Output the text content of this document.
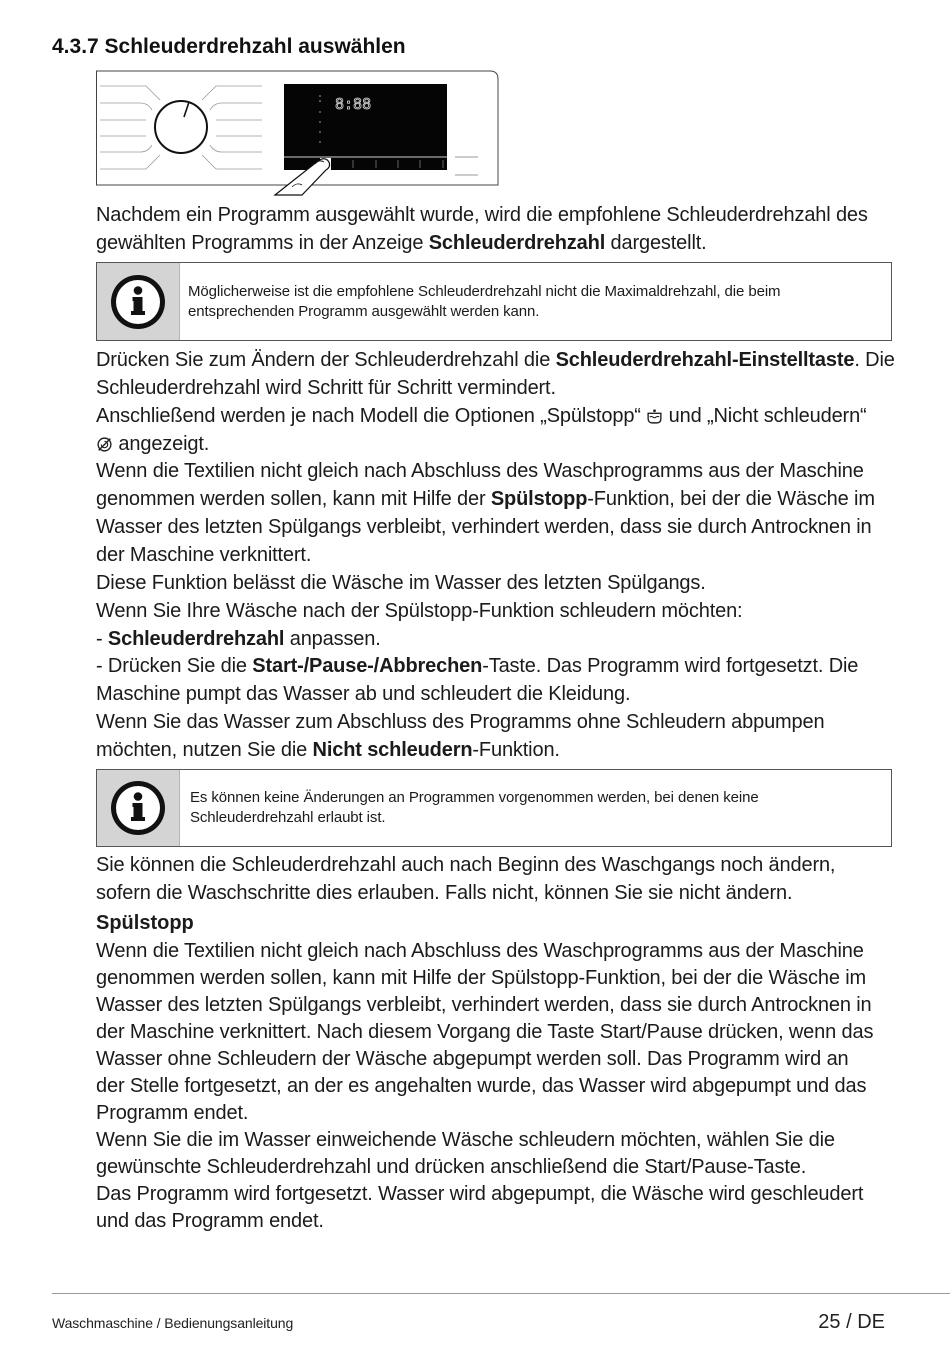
4.3.7 Schleuderdrehzahl auswählen
8:88
Nachdem ein Programm ausgewählt wurde, wird die empfohlene Schleuderdrehzahl des
gewählten Programms in der Anzeige Schleuderdrehzahl dargestellt.
Möglicherweise ist die empfohlene Schleuderdrehzahl nicht die Maximaldrehzahl, die beim
entsprechenden Programm ausgewählt werden kann.
Drücken Sie zum Ändern der Schleuderdrehzahl die Schleuderdrehzahl-Einstelltaste. Die
Schleuderdrehzahl wird Schritt für Schritt vermindert.
Anschließend werden je nach Modell die Optionen „Spülstopp“
und „Nicht schleudern“
angezeigt.
Wenn die Textilien nicht gleich nach Abschluss des Waschprogramms aus der Maschine
genommen werden sollen, kann mit Hilfe der Spülstopp-Funktion, bei der die Wäsche im
Wasser des letzten Spülgangs verbleibt, verhindert werden, dass sie durch Antrocknen in
der Maschine verknittert.
Diese Funktion belässt die Wäsche im Wasser des letzten Spülgangs.
Wenn Sie Ihre Wäsche nach der Spülstopp-Funktion schleudern möchten:
- Schleuderdrehzahl anpassen.
- Drücken Sie die Start-/Pause-/Abbrechen-Taste. Das Programm wird fortgesetzt. Die
Maschine pumpt das Wasser ab und schleudert die Kleidung.
Wenn Sie das Wasser zum Abschluss des Programms ohne Schleudern abpumpen
möchten, nutzen Sie die Nicht schleudern-Funktion.
Es können keine Änderungen an Programmen vorgenommen werden, bei denen keine
Schleuderdrehzahl erlaubt ist.
Sie können die Schleuderdrehzahl auch nach Beginn des Waschgangs noch ändern,
sofern die Waschschritte dies erlauben. Falls nicht, können Sie sie nicht ändern.
Spülstopp
Wenn die Textilien nicht gleich nach Abschluss des Waschprogramms aus der Maschine
genommen werden sollen, kann mit Hilfe der Spülstopp-Funktion, bei der die Wäsche im
Wasser des letzten Spülgangs verbleibt, verhindert werden, dass sie durch Antrocknen in
der Maschine verknittert. Nach diesem Vorgang die Taste Start/Pause drücken, wenn das
Wasser ohne Schleudern der Wäsche abgepumpt werden soll. Das Programm wird an
der Stelle fortgesetzt, an der es angehalten wurde, das Wasser wird abgepumpt und das
Programm endet.
Wenn Sie die im Wasser einweichende Wäsche schleudern möchten, wählen Sie die
gewünschte Schleuderdrehzahl und drücken anschließend die Start/Pause-Taste.
Das Programm wird fortgesetzt. Wasser wird abgepumpt, die Wäsche wird geschleudert
und das Programm endet.
Waschmaschine / Bedienungsanleitung	25 / DE
